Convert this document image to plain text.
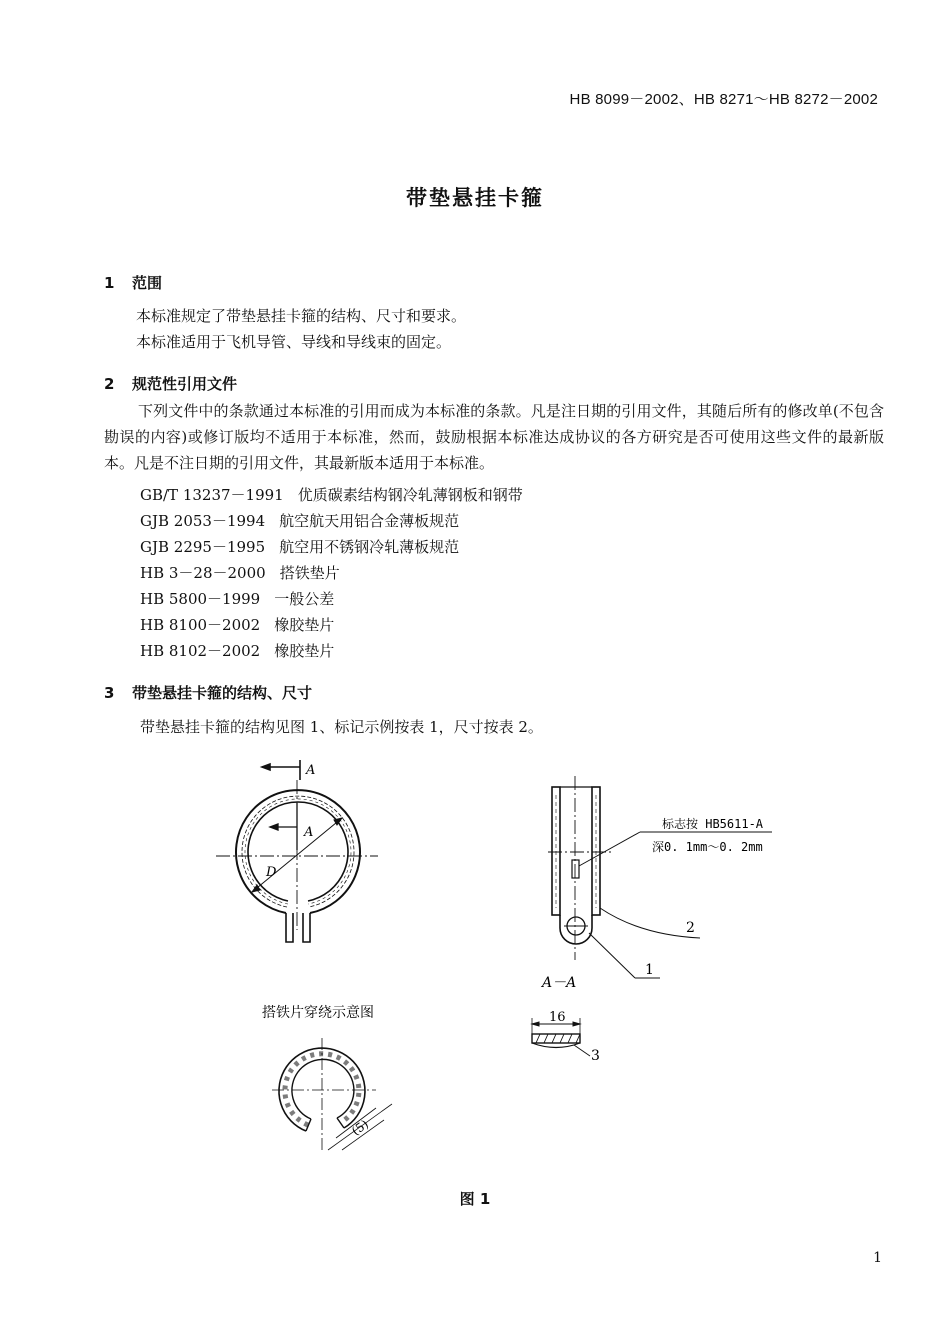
HB 8099－2002、HB 8271～HB 8272－2002
带垫悬挂卡箍
1 范围
本标准规定了带垫悬挂卡箍的结构、尺寸和要求。
本标准适用于飞机导管、导线和导线束的固定。
2 规范性引用文件
下列文件中的条款通过本标准的引用而成为本标准的条款。凡是注日期的引用文件，其随后所有的修改单(不包含勘误的内容)或修订版均不适用于本标准，然而，鼓励根据本标准达成协议的各方研究是否可使用这些文件的最新版本。凡是不注日期的引用文件，其最新版本适用于本标准。
GB/T 13237－1991 优质碳素结构钢冷轧薄钢板和钢带
GJB 2053－1994 航空航天用铝合金薄板规范
GJB 2295－1995 航空用不锈钢冷轧薄板规范
HB 3－28－2000 搭铁垫片
HB 5800－1999 一般公差
HB 8100－2002 橡胶垫片
HB 8102－2002 橡胶垫片
3 带垫悬挂卡箍的结构、尺寸
带垫悬挂卡箍的结构见图 1、标记示例按表 1，尺寸按表 2。
A
A
D
标志按 HB5611-A
深0. 1mm～0. 2mm
2
1
A－A
16
3
(5)
搭铁片穿绕示意图
图 1
1
